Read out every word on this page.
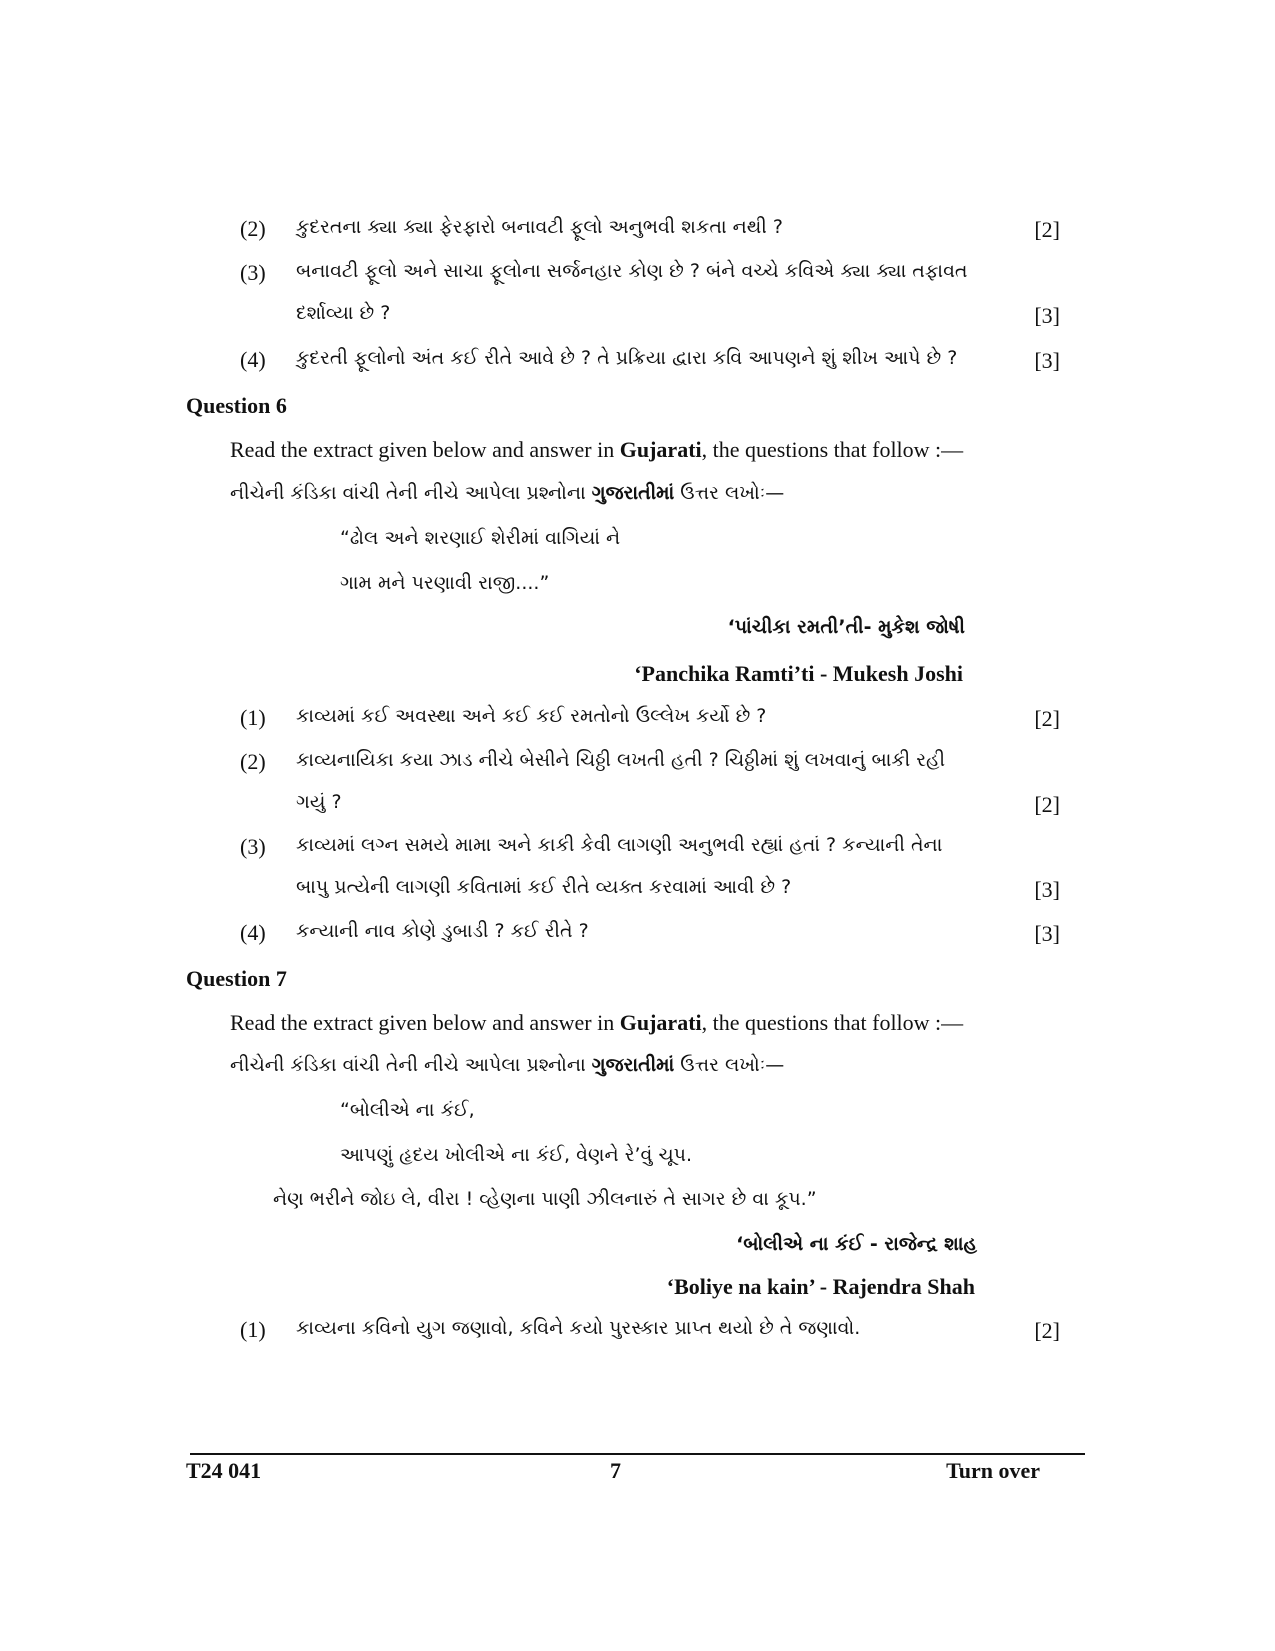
(2) કુદરતના ક્યા ક્યા ફેરફારો બનાવટી ફૂલો અનુભવી શકતા નથી ?	[2]
(3) બનાવટી ફૂલો અને સાચા ફૂલોના સર્જનહાર કોણ છે ? બંને વચ્ચે કવિએ ક્યા ક્યા તફાવત
દર્શાવ્યા છે ?	[3]
(4) કુદરતી ફૂલોનો અંત કઈ રીતે આવે છે ? તે પ્રક્રિયા દ્વારા કવિ આપણને શું શીખ આપે છે ?	[3]
Question 6
Read the extract given below and answer in Gujarati, the questions that follow :—
નીચેની કંડિકા વાંચી તેની નીચે આપેલા પ્રશ્નોના ગુજરાતીમાં ઉત્તર લખોઃ—
“ઢોલ અને શરણાઈ શેરીમાં વાગિયાં ને
ગામ મને પરણાવી રાજી....”
‘પાંચીકા રમતી’તી- મુકેશ જોષી
‘Panchika Ramti’ti - Mukesh Joshi
(1) કાવ્યમાં કઈ અવસ્થા અને કઈ કઈ રમતોનો ઉલ્લેખ કર્યો છે ?	[2]
(2) કાવ્યનાયિકા કયા ઝાડ નીચે બેસીને ચિઠ્ઠી લખતી હતી ? ચિઠ્ઠીમાં શું લખવાનું બાકી રહી
ગયું ?	[2]
(3) કાવ્યમાં લગ્ન સમયે મામા અને કાકી કેવી લાગણી અનુભવી રહ્યાં હતાં ? કન્યાની તેના
બાપુ પ્રત્યેની લાગણી કવિતામાં કઈ રીતે વ્યક્ત કરવામાં આવી છે ?	[3]
(4) કન્યાની નાવ કોણે ડુબાડી ? કઈ રીતે ?	[3]
Question 7
Read the extract given below and answer in Gujarati, the questions that follow :—
નીચેની કંડિકા વાંચી તેની નીચે આપેલા પ્રશ્નોના ગુજરાતીમાં ઉત્તર લખોઃ—
“બોલીએ ના કંઈ,
આપણું હૃદય ખોલીએ ના કંઈ, વેણને રે’વું ચૂપ.
નેણ ભરીને જોઇ લે, વીરા ! વ્હેણના પાણી ઝીલનારું તે સાગર છે વા કૂપ.”
‘બોલીએ ના કંઈ - રાજેન્દ્ર શાહ
‘Boliye na kain’ - Rajendra Shah
(1) કાવ્યના કવિનો યુગ જણાવો, કવિને કયો પુરસ્કાર પ્રાપ્ત થયો છે તે જણાવો.	[2]
T24 041	7	Turn over
